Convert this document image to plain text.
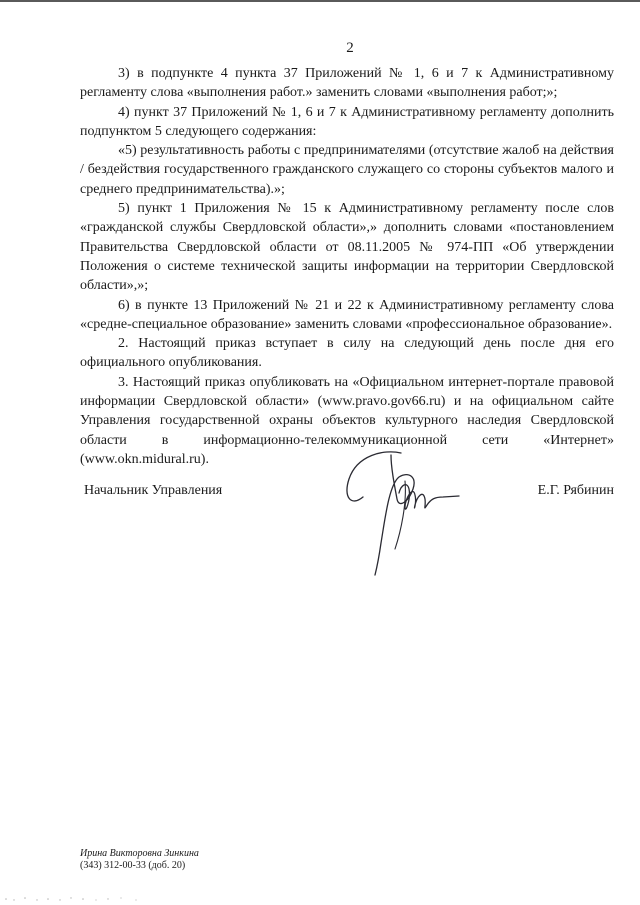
2

3) в подпункте 4 пункта 37 Приложений № 1, 6 и 7 к Административному регламенту слова «выполнения работ.» заменить словами «выполнения работ;»;

4) пункт 37 Приложений № 1, 6 и 7 к Административному регламенту дополнить подпунктом 5 следующего содержания:

«5) результативность работы с предпринимателями (отсутствие жалоб на действия / бездействия государственного гражданского служащего со стороны субъектов малого и среднего предпринимательства).»;

5) пункт 1 Приложения № 15 к Административному регламенту после слов «гражданской службы Свердловской области»,» дополнить словами «постановлением Правительства Свердловской области от 08.11.2005 № 974-ПП «Об утверждении Положения о системе технической защиты информации на территории Свердловской области»,»;

6) в пункте 13 Приложений № 21 и 22 к Административному регламенту слова «средне-специальное образование» заменить словами «профессиональное образование».

2. Настоящий приказ вступает в силу на следующий день после дня его официального опубликования.

3. Настоящий приказ опубликовать на «Официальном интернет-портале правовой информации Свердловской области» (www.pravo.gov66.ru) и на официальном сайте Управления государственной охраны объектов культурного наследия Свердловской области в информационно-телекоммуникационной сети «Интернет» (www.okn.midural.ru).

Начальник Управления	Е.Г. Рябинин
Ирина Викторовна Зинкина
(343) 312-00-33 (доб. 20)
